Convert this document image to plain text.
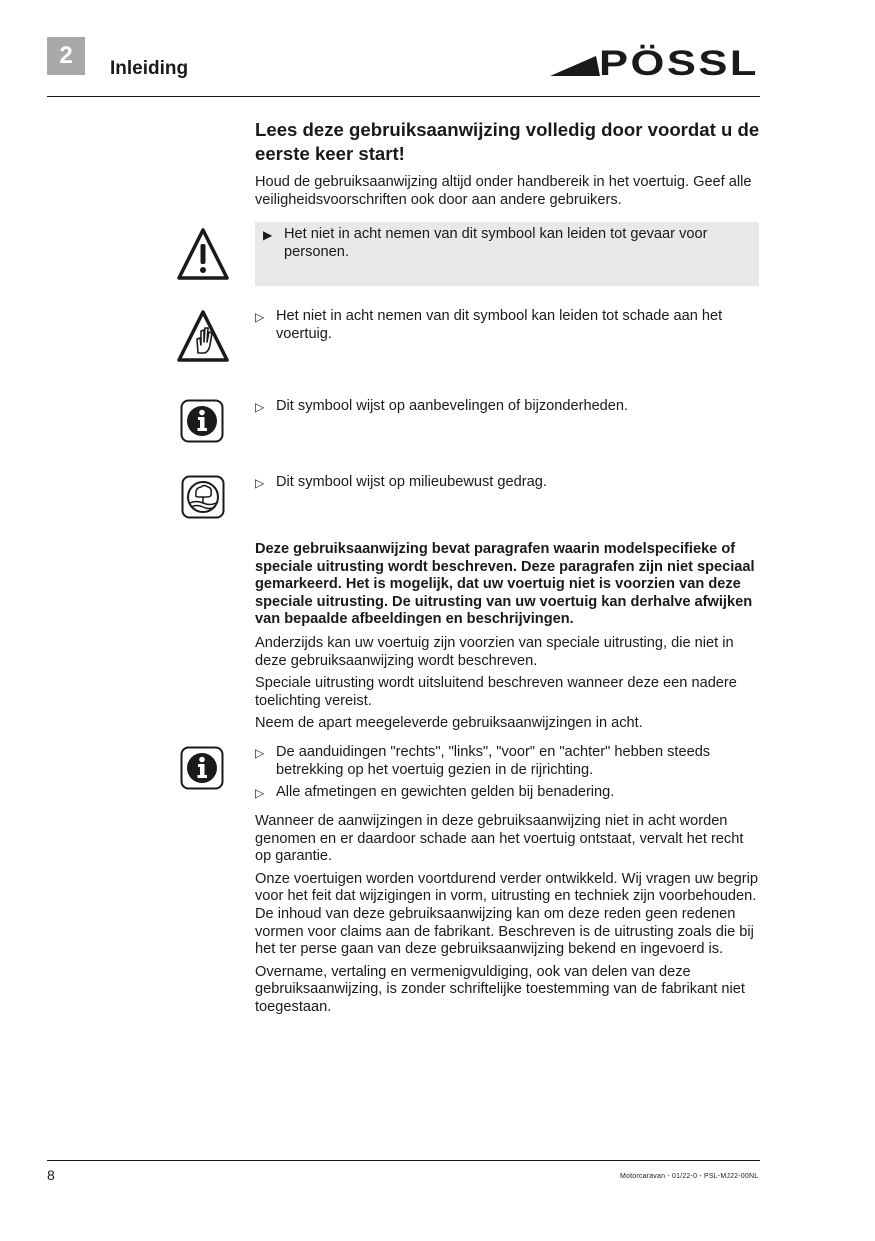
2	Inleiding	PÖSSL
Lees deze gebruiksaanwijzing volledig door voordat u de eerste keer start!
Houd de gebruiksaanwijzing altijd onder handbereik in het voertuig. Geef alle veiligheidsvoorschriften ook door aan andere gebruikers.
▶ Het niet in acht nemen van dit symbool kan leiden tot gevaar voor personen.
▷ Het niet in acht nemen van dit symbool kan leiden tot schade aan het voertuig.
▷ Dit symbool wijst op aanbevelingen of bijzonderheden.
▷ Dit symbool wijst op milieubewust gedrag.
Deze gebruiksaanwijzing bevat paragrafen waarin modelspecifieke of speciale uitrusting wordt beschreven. Deze paragrafen zijn niet speciaal gemarkeerd. Het is mogelijk, dat uw voertuig niet is voorzien van deze speciale uitrusting. De uitrusting van uw voertuig kan derhalve afwijken van bepaalde afbeeldingen en beschrijvingen.

Anderzijds kan uw voertuig zijn voorzien van speciale uitrusting, die niet in deze gebruiksaanwijzing wordt beschreven.

Speciale uitrusting wordt uitsluitend beschreven wanneer deze een nadere toelichting vereist.

Neem de apart meegeleverde gebruiksaanwijzingen in acht.

▷ De aanduidingen "rechts", "links", "voor" en "achter" hebben steeds betrekking op het voertuig gezien in de rijrichting.
▷ Alle afmetingen en gewichten gelden bij benadering.

Wanneer de aanwijzingen in deze gebruiksaanwijzing niet in acht worden genomen en er daardoor schade aan het voertuig ontstaat, vervalt het recht op garantie.

Onze voertuigen worden voortdurend verder ontwikkeld. Wij vragen uw begrip voor het feit dat wijzigingen in vorm, uitrusting en techniek zijn voorbehouden. De inhoud van deze gebruiksaanwijzing kan om deze reden geen redenen vormen voor claims aan de fabrikant. Beschreven is de uitrusting zoals die bij het ter perse gaan van deze gebruiksaanwijzing bekend en ingevoerd is.

Overname, vertaling en vermenigvuldiging, ook van delen van deze gebruiksaanwijzing, is zonder schriftelijke toestemming van de fabrikant niet toegestaan.

8	Motorcaravan - 01/22-0 - PSL-MJ22-00NL
